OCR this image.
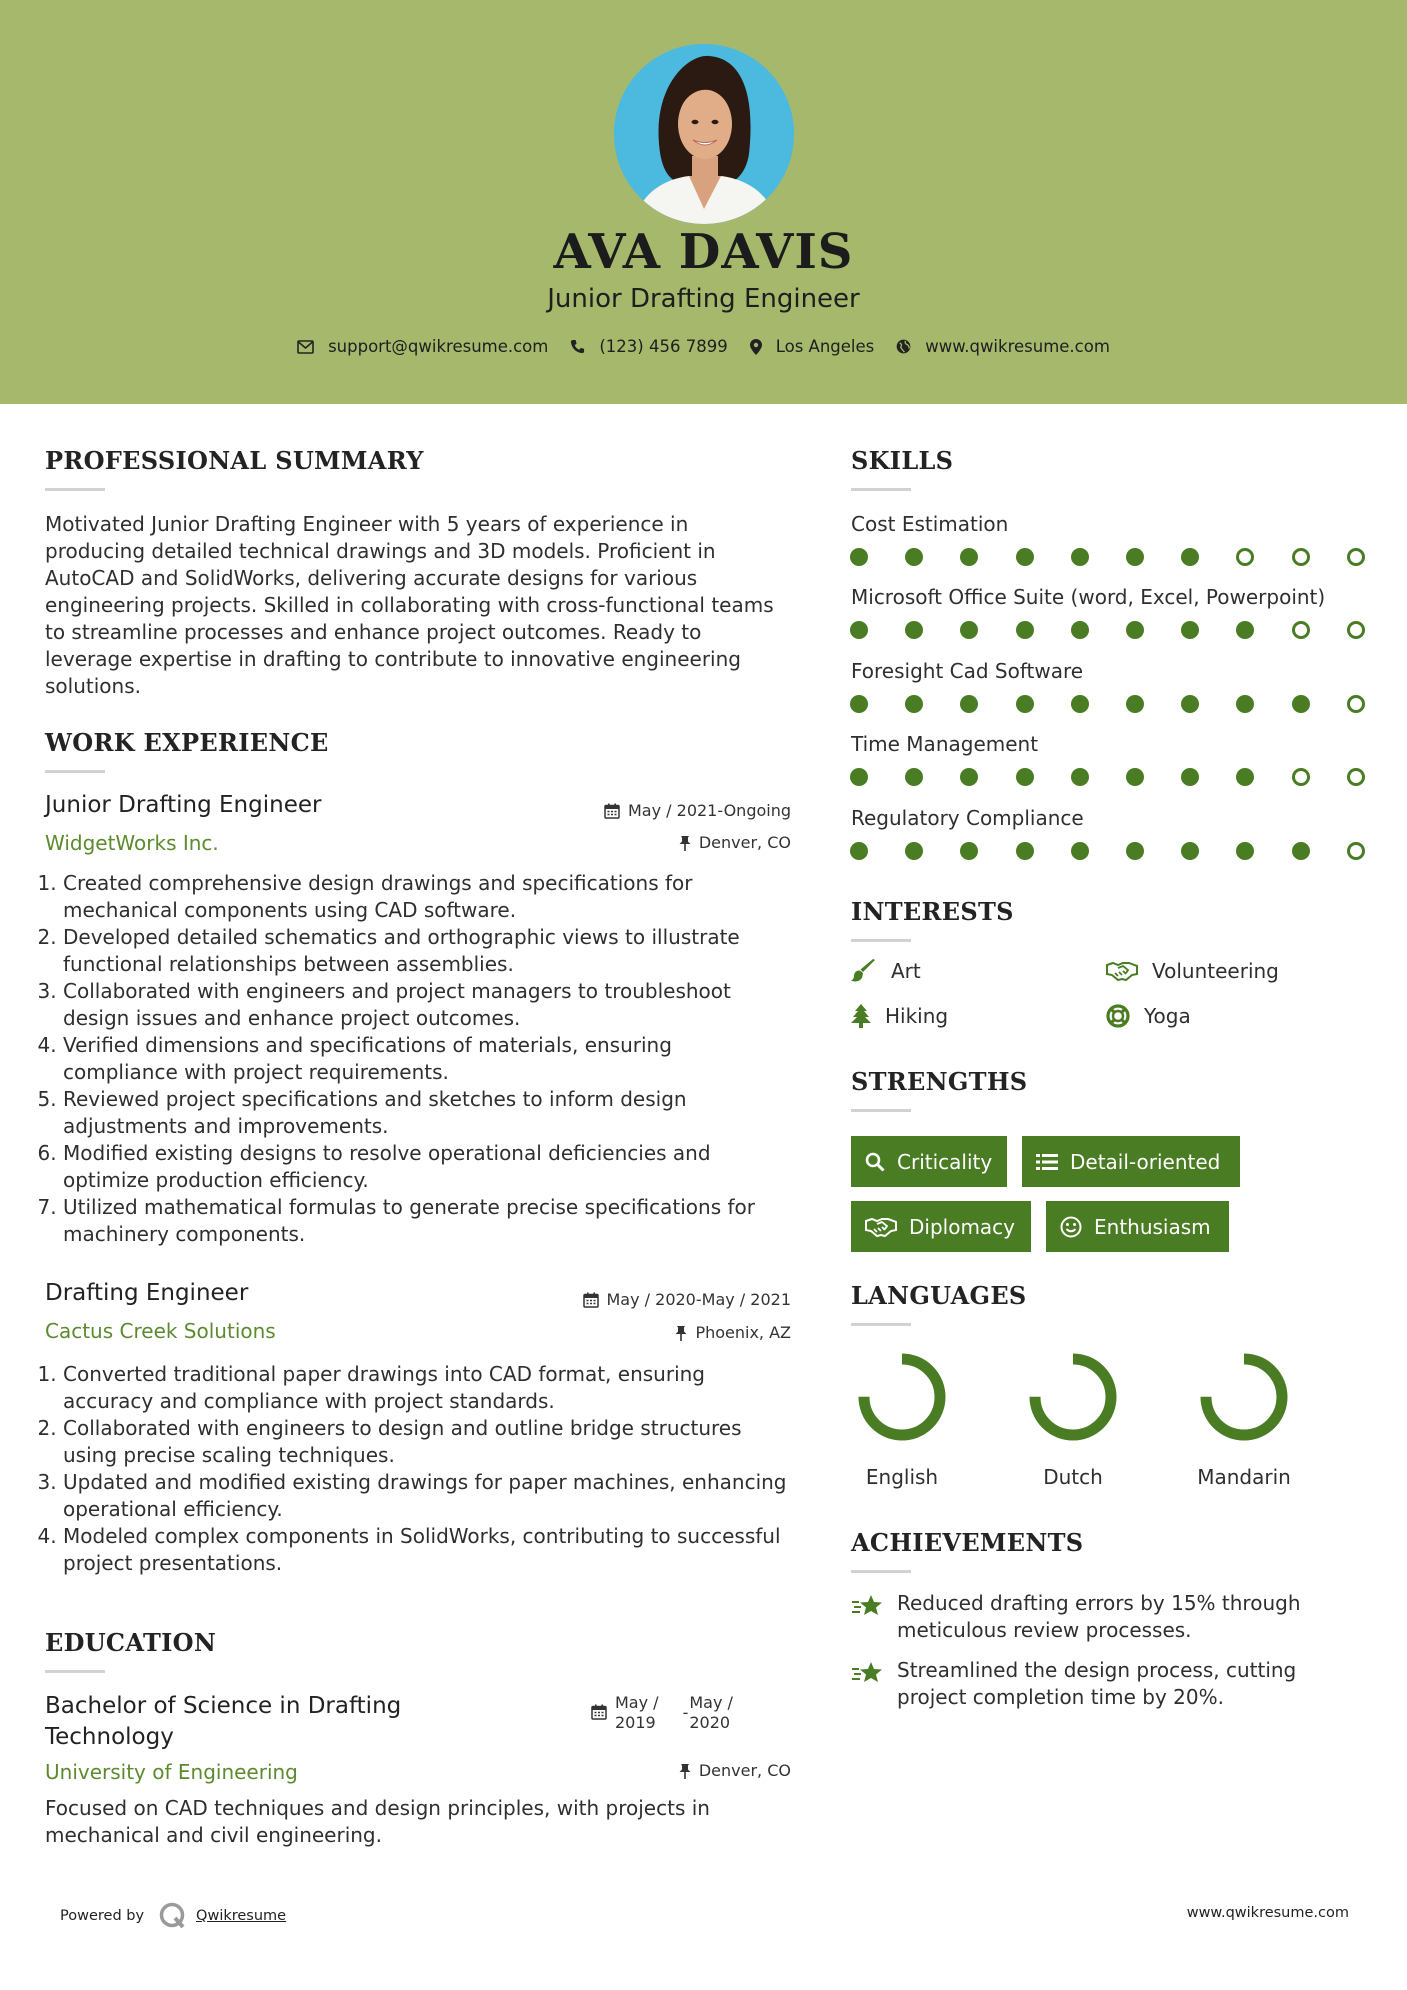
AVA DAVIS
Junior Drafting Engineer
support@qwikresume.com	(123) 456 7899	Los Angeles	www.qwikresume.com
PROFESSIONAL SUMMARY
Motivated Junior Drafting Engineer with 5 years of experience in producing detailed technical drawings and 3D models. Proficient in AutoCAD and SolidWorks, delivering accurate designs for various engineering projects. Skilled in collaborating with cross-functional teams to streamline processes and enhance project outcomes. Ready to leverage expertise in drafting to contribute to innovative engineering solutions.
WORK EXPERIENCE
Junior Drafting Engineer	May / 2021-Ongoing
WidgetWorks Inc.	Denver, CO
1. Created comprehensive design drawings and specifications for mechanical components using CAD software.
2. Developed detailed schematics and orthographic views to illustrate functional relationships between assemblies.
3. Collaborated with engineers and project managers to troubleshoot design issues and enhance project outcomes.
4. Verified dimensions and specifications of materials, ensuring compliance with project requirements.
5. Reviewed project specifications and sketches to inform design adjustments and improvements.
6. Modified existing designs to resolve operational deficiencies and optimize production efficiency.
7. Utilized mathematical formulas to generate precise specifications for machinery components.
Drafting Engineer	May / 2020-May / 2021
Cactus Creek Solutions	Phoenix, AZ
1. Converted traditional paper drawings into CAD format, ensuring accuracy and compliance with project standards.
2. Collaborated with engineers to design and outline bridge structures using precise scaling techniques.
3. Updated and modified existing drawings for paper machines, enhancing operational efficiency.
4. Modeled complex components in SolidWorks, contributing to successful project presentations.
EDUCATION
Bachelor of Science in Drafting
Technology
May /
2019
-
May /
2020
University of Engineering	Denver, CO
Focused on CAD techniques and design principles, with projects in mechanical and civil engineering.
SKILLS
Cost Estimation
Microsoft Office Suite (word, Excel, Powerpoint)
Foresight Cad Software
Time Management
Regulatory Compliance
INTERESTS
Art	Volunteering
Hiking	Yoga
STRENGTHS
Criticality	Detail-oriented
Diplomacy	Enthusiasm
LANGUAGES
English	Dutch	Mandarin
ACHIEVEMENTS
Reduced drafting errors by 15% through
meticulous review processes.
Streamlined the design process, cutting
project completion time by 20%.
Powered by	Qwikresume	www.qwikresume.com
